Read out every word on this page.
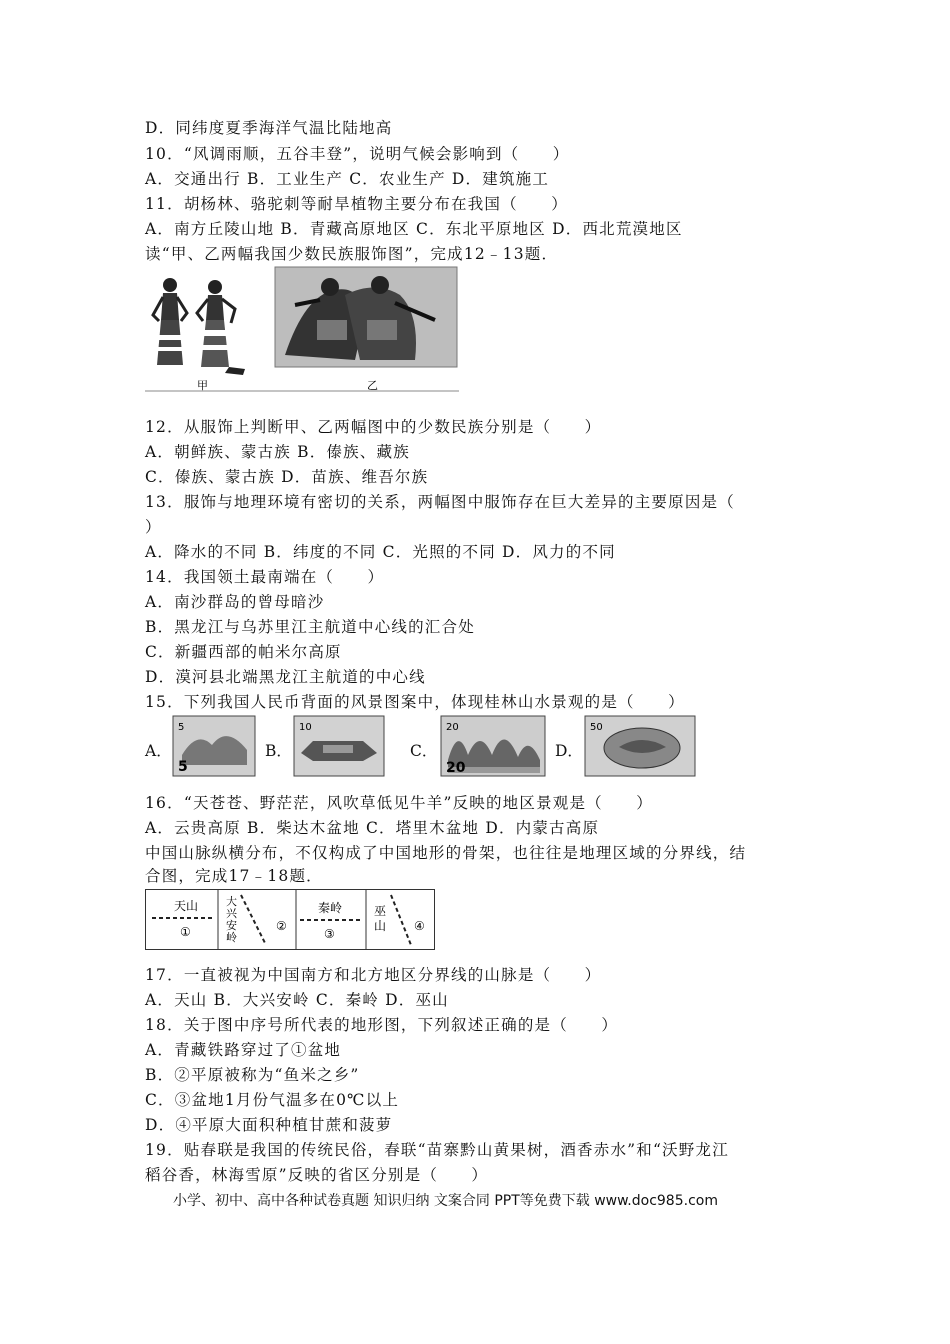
D．同纬度夏季海洋气温比陆地高
10．“风调雨顺，五谷丰登”，说明气候会影响到（　　）
A．交通出行 B．工业生产 C．农业生产 D．建筑施工
11．胡杨林、骆驼刺等耐旱植物主要分布在我国（　　）
A．南方丘陵山地 B．青藏高原地区 C．东北平原地区 D．西北荒漠地区
读“甲、乙两幅我国少数民族服饰图”，完成12﹣13题．
甲	乙
12．从服饰上判断甲、乙两幅图中的少数民族分别是（　　）
A．朝鲜族、蒙古族 B．傣族、藏族
C．傣族、蒙古族 D．苗族、维吾尔族
13．服饰与地理环境有密切的关系，两幅图中服饰存在巨大差异的主要原因是（
）
A．降水的不同 B．纬度的不同 C．光照的不同 D．风力的不同
14．我国领土最南端在（　　）
A．南沙群岛的曾母暗沙
B．黑龙江与乌苏里江主航道中心线的汇合处
C．新疆西部的帕米尔高原
D．漠河县北端黑龙江主航道的中心线
15．下列我国人民币背面的风景图案中，体现桂林山水景观的是（　　）
A．
5
5
B．
10
C．
20
20
D．
50
16．“天苍苍、野茫茫，风吹草低见牛羊”反映的地区景观是（　　）
A．云贵高原 B．柴达木盆地 C．塔里木盆地 D．内蒙古高原
中国山脉纵横分布，不仅构成了中国地形的骨架，也往往是地理区域的分界线，结
合图，完成17﹣18题．
天山
①
大
兴
安
岭
②
秦岭
③
巫
山 ④
17．一直被视为中国南方和北方地区分界线的山脉是（　　）
A．天山 B．大兴安岭 C．秦岭 D．巫山
18．关于图中序号所代表的地形图，下列叙述正确的是（　　）
A．青藏铁路穿过了①盆地
B．②平原被称为“鱼米之乡”
C．③盆地1月份气温多在0℃以上
D．④平原大面积种植甘蔗和菠萝
19．贴春联是我国的传统民俗，春联“苗寨黔山黄果树，酒香赤水”和“沃野龙江
稻谷香，林海雪原”反映的省区分别是（　　）
小学、初中、高中各种试卷真题 知识归纳 文案合同 PPT等免费下载 www.doc985.com
